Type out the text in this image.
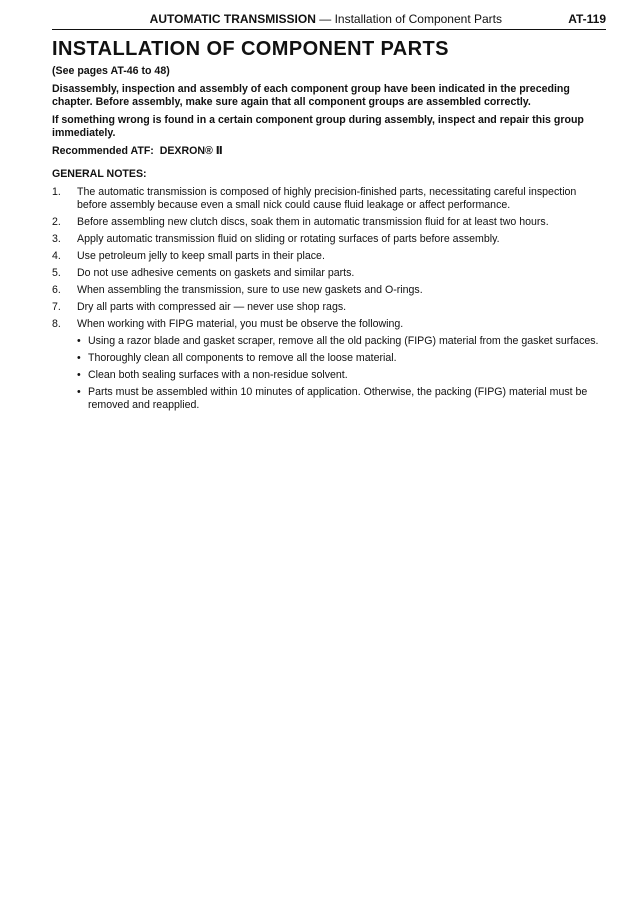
AUTOMATIC TRANSMISSION — Installation of Component Parts	AT-119
INSTALLATION OF COMPONENT PARTS

(See pages AT-46 to 48)

Disassembly, inspection and assembly of each component group have been indicated in the preceding chapter. Before assembly, make sure again that all component groups are assembled correctly.

If something wrong is found in a certain component group during assembly, inspect and repair this group immediately.

Recommended ATF: DEXRON® Ⅱ

GENERAL NOTES:
1. The automatic transmission is composed of highly precision-finished parts, necessitating careful inspection before assembly because even a small nick could cause fluid leakage or affect performance.
2. Before assembling new clutch discs, soak them in automatic transmission fluid for at least two hours.
3. Apply automatic transmission fluid on sliding or rotating surfaces of parts before assembly.
4. Use petroleum jelly to keep small parts in their place.
5. Do not use adhesive cements on gaskets and similar parts.
6. When assembling the transmission, sure to use new gaskets and O-rings.
7. Dry all parts with compressed air — never use shop rags.
8. When working with FIPG material, you must be observe the following.
• Using a razor blade and gasket scraper, remove all the old packing (FIPG) material from the gasket surfaces.
• Thoroughly clean all components to remove all the loose material.
• Clean both sealing surfaces with a non-residue solvent.
• Parts must be assembled within 10 minutes of application. Otherwise, the packing (FIPG) material must be removed and reapplied.
